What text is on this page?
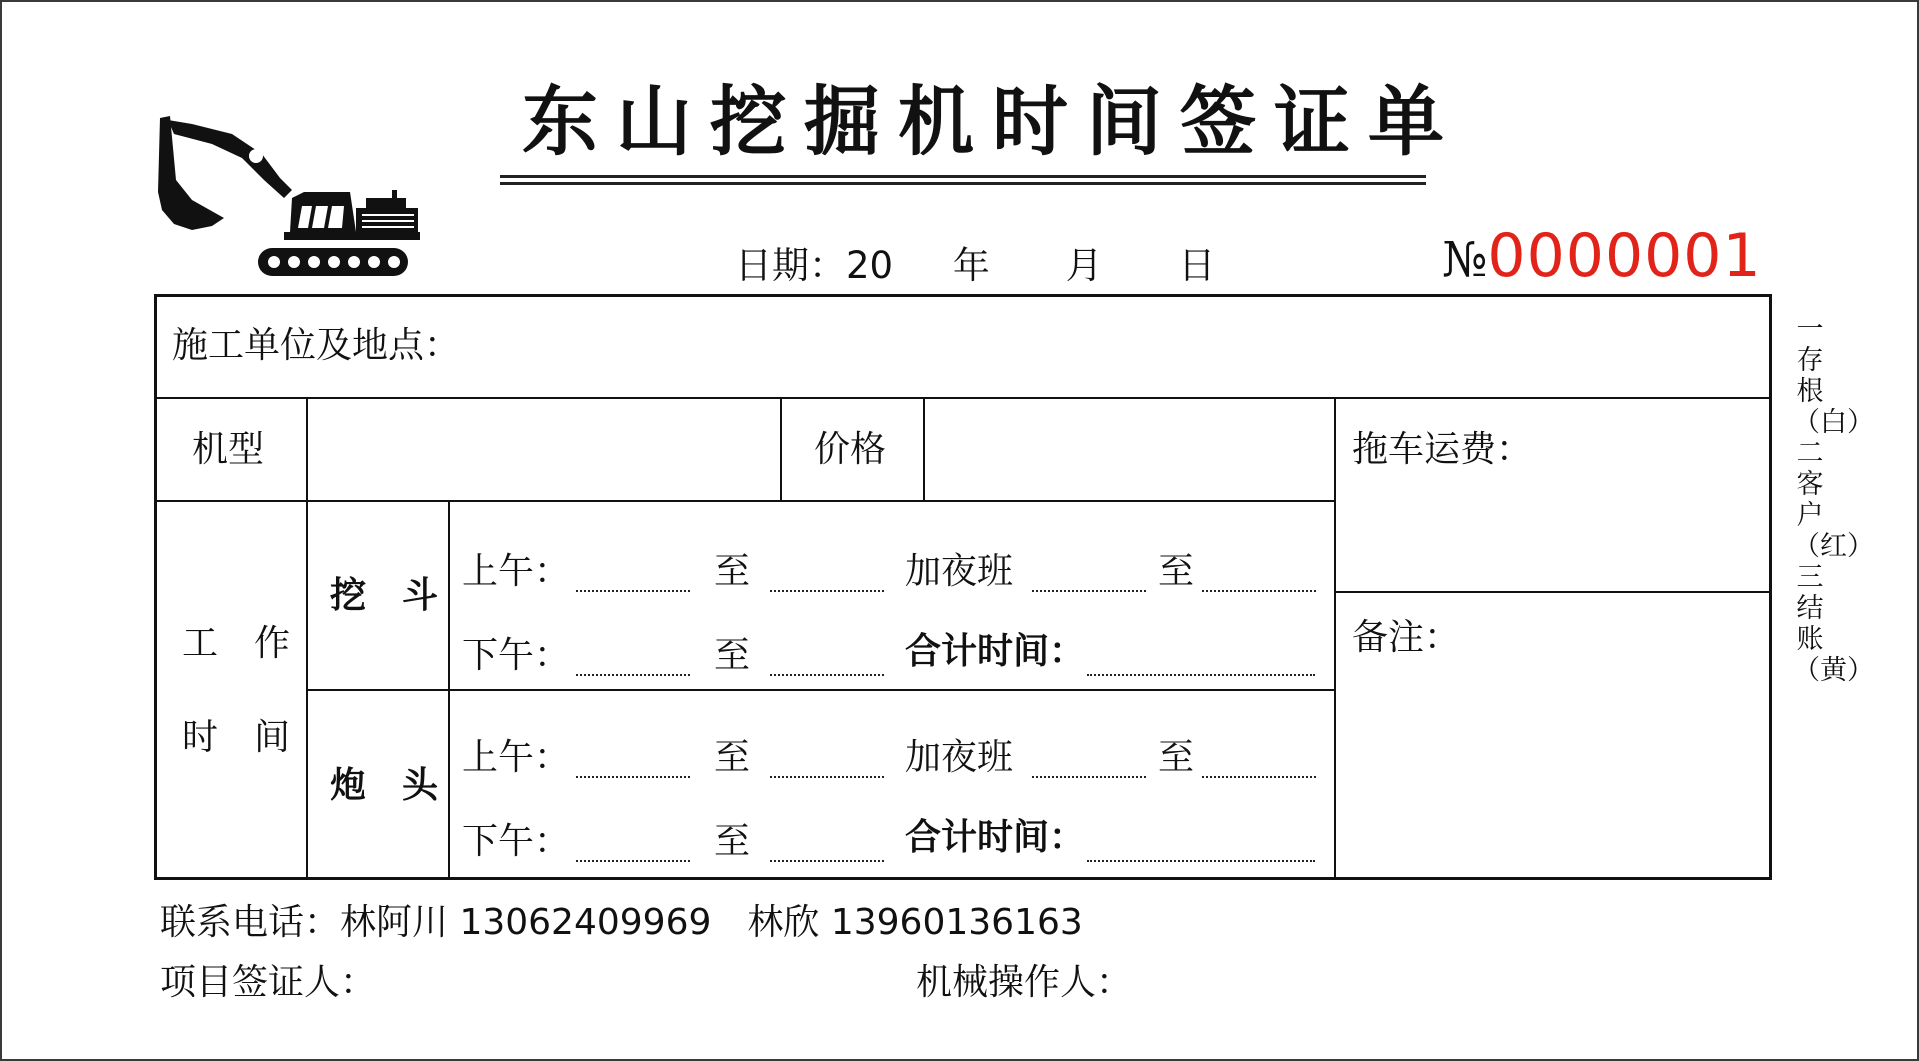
东山挖掘机时间签证单
日期：20 年 月 日	№0000001
施工单位及地点：
机型	价格	拖车运费：
备注：
工　作
时　间
挖　斗
上午：	至	加夜班	至
下午：	至	合计时间：
炮　头
上午：	至	加夜班	至
下午：	至	合计时间：
一存根（白）二客户（红）三结账（黄）
联系电话：林阿川 13062409969　林欣 13960136163
项目签证人：	机械操作人：
